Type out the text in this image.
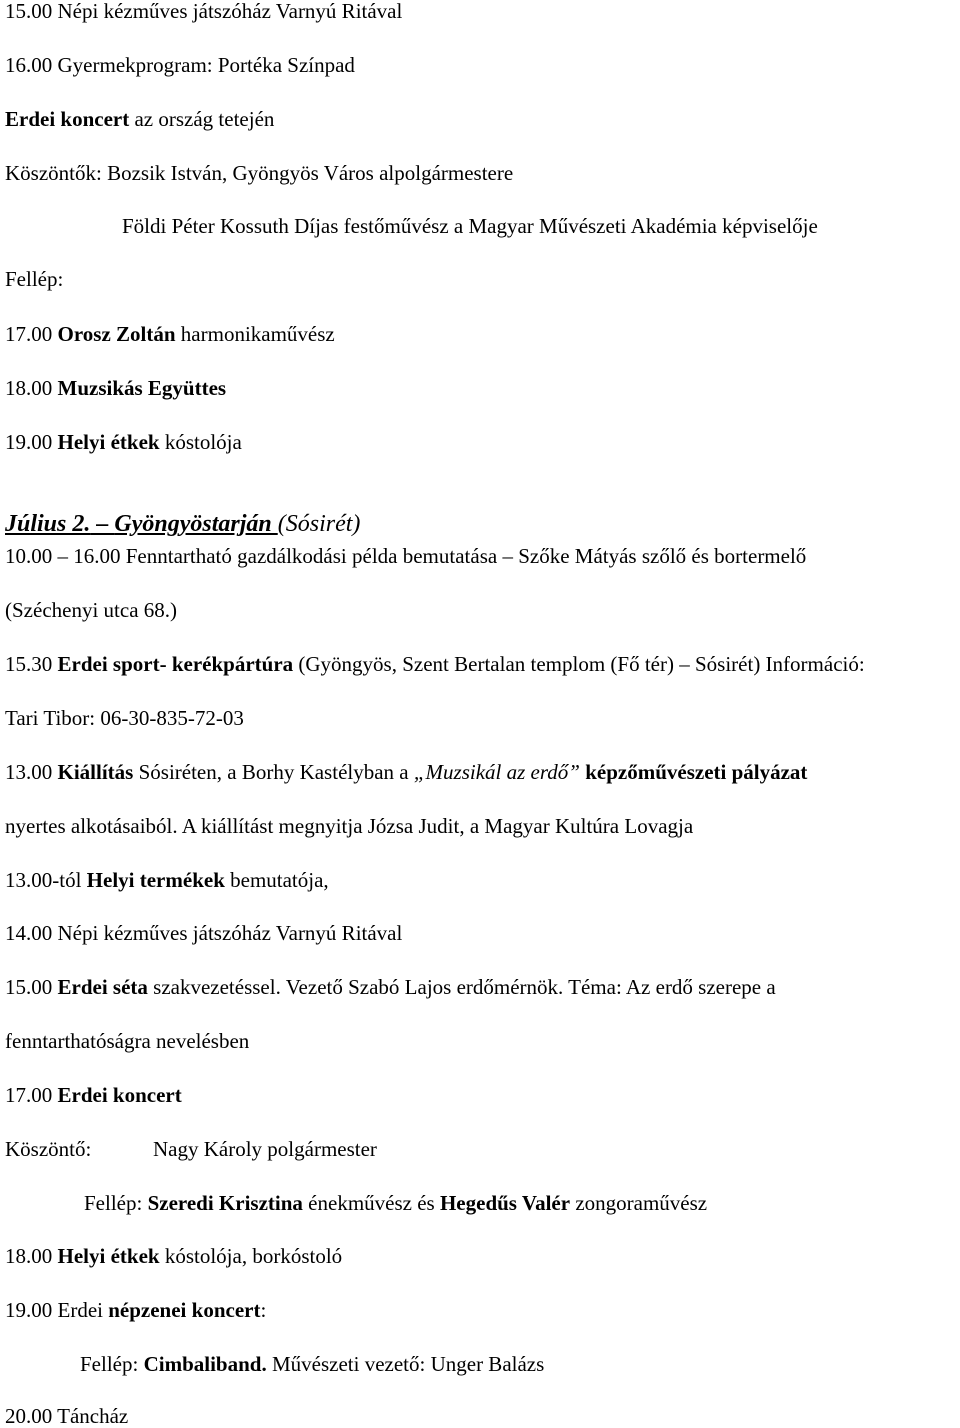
15.00 Népi kézműves játszóház Varnyú Ritával
16.00 Gyermekprogram: Portéka Színpad
Erdei koncert az ország tetején
Köszöntők: Bozsik István, Gyöngyös Város alpolgármestere
Földi Péter Kossuth Díjas festőművész a Magyar Művészeti Akadémia képviselője
Fellép:
17.00 Orosz Zoltán harmonikaművész
18.00 Muzsikás Együttes
19.00 Helyi étkek kóstolója
Július 2. – Gyöngyöstarján (Sósirét)
10.00 – 16.00 Fenntartható gazdálkodási példa bemutatása – Szőke Mátyás szőlő és bortermelő
(Széchenyi utca 68.)
15.30 Erdei sport- kerékpártúra (Gyöngyös, Szent Bertalan templom (Fő tér) – Sósirét) Információ:
Tari Tibor: 06-30-835-72-03
13.00 Kiállítás Sósiréten, a Borhy Kastélyban a „Muzsikál az erdő” képzőművészeti pályázat
nyertes alkotásaiból. A kiállítást megnyitja Józsa Judit, a Magyar Kultúra Lovagja
13.00-tól Helyi termékek bemutatója,
14.00 Népi kézműves játszóház Varnyú Ritával
15.00 Erdei séta szakvezetéssel. Vezető Szabó Lajos erdőmérnök. Téma: Az erdő szerepe a
fenntarthatóságra nevelésben
17.00 Erdei koncert
Köszöntő:	Nagy Károly polgármester
Fellép: Szeredi Krisztina énekművész és Hegedűs Valér zongoraművész
18.00 Helyi étkek kóstolója, borkóstoló
19.00 Erdei népzenei koncert:
Fellép: Cimbaliband. Művészeti vezető: Unger Balázs
20.00 Táncház
